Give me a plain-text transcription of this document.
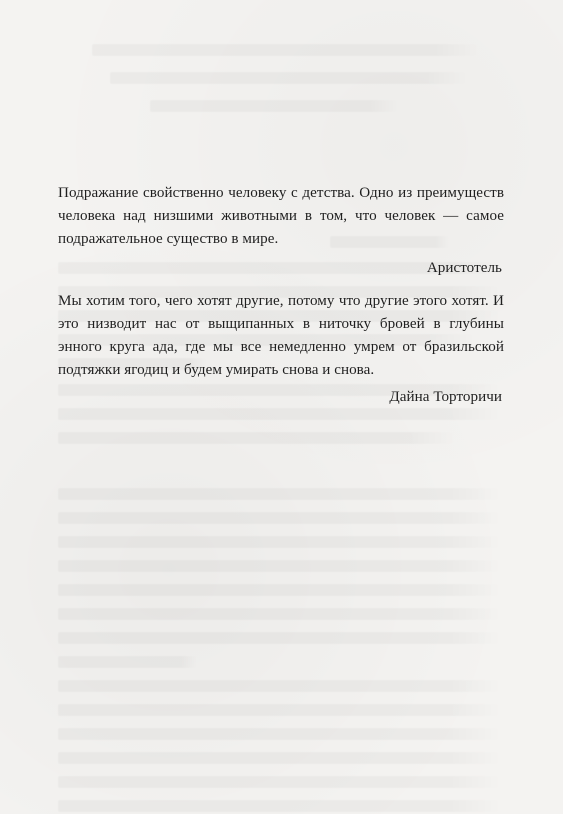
Подражание свойственно человеку с детства. Одно из преимуществ человека над низшими животными в том, что человек — самое подражательное существо в мире.

Аристотель

Мы хотим того, чего хотят другие, потому что другие этого хотят. И это низводит нас от выщипанных в ниточку бровей в глубины энного круга ада, где мы все немедленно умрем от бразильской подтяжки ягодиц и будем умирать снова и снова.

Дайна Торторичи
